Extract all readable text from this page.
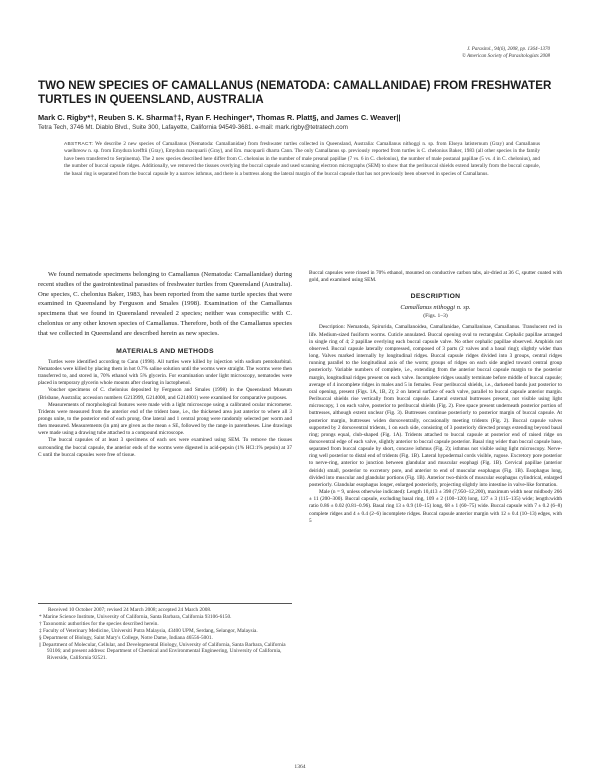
J. Parasitol., 94(6), 2008, pp. 1364–1370
© American Society of Parasitologists 2008
TWO NEW SPECIES OF CAMALLANUS (NEMATODA: CAMALLANIDAE) FROM FRESHWATER TURTLES IN QUEENSLAND, AUSTRALIA
Mark C. Rigby*†, Reuben S. K. Sharma†‡, Ryan F. Hechinger*, Thomas R. Platt§, and James C. Weaver||
Tetra Tech, 3746 Mt. Diablo Blvd., Suite 300, Lafayette, California 94549-3681. e-mail: mark.rigby@tetratech.com
ABSTRACT: We describe 2 new species of Camallanus (Nematoda: Camallanidae) from freshwater turtles collected in Queensland, Australia: Camallanus nithoggi n. sp. from Elseya latisternum (Gray) and Camallanus waelhreow n. sp. from Emydura krefftii (Gray), Emydura macquarii (Gray), and Em. macquarii dharra Cann. The only Camallanus sp. previously reported from turtles is C. chelonius Baker, 1983 (all other species in the family have been transferred to Serpinema). The 2 new species described here differ from C. chelonius in the number of male preanal papillae (7 vs. 6 in C. chelonius), the number of male postanal papillae (5 vs. 4 in C. chelonius), and the number of buccal capsule ridges. Additionally, we removed the tissues overlying the buccal capsule and used scanning electron micrographs (SEM) to show that the peribuccal shields extend laterally from the buccal capsule, the basal ring is separated from the buccal capsule by a narrow isthmus, and there is a buttress along the lateral margin of the buccal capsule that has not previously been observed in species of Camallanus.

We found nematode specimens belonging to Camallanus (Nematoda: Camallanidae) during recent studies of the gastrointestinal parasites of freshwater turtles from Queensland (Australia). One species, C. chelonius Baker, 1983, has been reported from the same turtle species that were examined in Queensland by Ferguson and Smales (1998). Examination of the Camallanus specimens that we found in Queensland revealed 2 species; neither was conspecific with C. chelonius or any other known species of Camallanus. Therefore, both of the Camallanus species that we collected in Queensland are described herein as new species.

MATERIALS AND METHODS

Turtles were identified according to Cann (1998). All turtles were killed by injection with sodium pentobarbital. Nematodes were killed by placing them in hot 0.7% saline solution until the worms were straight. The worms were then transferred to, and stored in, 70% ethanol with 5% glycerin. For examination under light microscopy, nematodes were placed in temporary glycerin whole mounts after clearing in lactophenol.

Voucher specimens of C. chelonius deposited by Ferguson and Smales (1998) in the Queensland Museum (Brisbane, Australia; accession numbers G213999, G214000, and G214001) were examined for comparative purposes.

Measurements of morphological features were made with a light microscope using a calibrated ocular micrometer. Tridents were measured from the anterior end of the trident base, i.e., the thickened area just anterior to where all 3 prongs unite, to the posterior end of each prong. One lateral and 1 central prong were randomly selected per worm and then measured. Measurements (in μm) are given as the mean ± SE, followed by the range in parentheses. Line drawings were made using a drawing tube attached to a compound microscope.

The buccal capsules of at least 3 specimens of each sex were examined using SEM. To remove the tissues surrounding the buccal capsule, the anterior ends of the worms were digested in acid-pepsin (1% HCl:1% pepsin) at 37 C until the buccal capsules were free of tissue.

Received 10 October 2007; revised 24 March 2008; accepted 24 March 2008.
* Marine Science Institute, University of California, Santa Barbara, California 93106-6150.
† Taxonomic authorities for the species described herein.
‡ Faculty of Veterinary Medicine, Universiti Putra Malaysia, 43400 UPM, Serdang, Selangor, Malaysia.
§ Department of Biology, Saint Mary's College, Notre Dame, Indiana 46556-5001.
|| Department of Molecular, Cellular, and Developmental Biology, University of California, Santa Barbara, California 93106; and present address: Department of Chemical and Environmental Engineering, University of California, Riverside, California 92521.

Buccal capsules were rinsed in 70% ethanol, mounted on conductive carbon tabs, air-dried at 36 C, sputter coated with gold, and examined using SEM.

DESCRIPTION
Camallanus nithoggi n. sp.
(Figs. 1–3)

Description: Nematoda, Spirurida, Camallanoidea, Camallanidae, Camallaninae, Camallanus. Translucent red in life. Medium-sized fusiform worms. Cuticle annulated. Buccal opening oval to rectangular. Cephalic papillae arranged in single ring of 4; 2 papillae overlying each buccal capsule valve. No other cephalic papillae observed. Amphids not observed. Buccal capsule laterally compressed, composed of 3 parts (2 valves and a basal ring); slightly wider than long. Valves marked internally by longitudinal ridges. Buccal capsule ridges divided into 3 groups, central ridges running parallel to the longitudinal axis of the worm; groups of ridges on each side angled toward central group posteriorly. Variable numbers of complete, i.e., extending from the anterior buccal capsule margin to the posterior margin, longitudinal ridges present on each valve. Incomplete ridges usually terminate before middle of buccal capsule; average of 4 incomplete ridges in males and 5 in females. Four peribuccal shields, i.e., darkened bands just posterior to oral opening, present (Figs. 1A, 1B, 2); 2 on lateral surface of each valve, parallel to buccal capsule anterior margin. Peribuccal shields rise vertically from buccal capsule. Lateral external buttresses present, not visible using light microscopy, 1 on each valve, posterior to peribuccal shields (Fig. 2). Free space present underneath posterior portion of buttresses, although extent unclear (Fig. 3). Buttresses continue posteriorly to posterior margin of buccal capsule. At posterior margin, buttresses widen dorsoventrally, occasionally meeting tridents (Fig. 2). Buccal capsule valves supported by 2 dorsoventral tridents, 1 on each side, consisting of 3 posteriorly directed prongs extending beyond basal ring; prongs equal, club-shaped (Fig. 1A). Tridents attached to buccal capsule at posterior end of raised ridge on dorsoventral edge of each valve, slightly anterior to buccal capsule posterior. Basal ring wider than buccal capsule base, separated from buccal capsule by short, concave isthmus (Fig. 2); isthmus not visible using light microscopy. Nerve-ring well posterior to distal end of tridents (Fig. 1B). Lateral hypodermal cords visible, rugose. Excretory pore posterior to nerve-ring, anterior to junction between glandular and muscular esophagi (Fig. 1B). Cervical papillae (anterior deirids) small, posterior to excretory pore, and anterior to end of muscular esophagus (Fig. 1B). Esophagus long, divided into muscular and glandular portions (Fig. 1B). Anterior two-thirds of muscular esophagus cylindrical, enlarged posteriorly. Glandular esophagus longer, enlarged posteriorly, projecting slightly into intestine in valve-like formation.

Male (n = 9, unless otherwise indicated): Length 10,413 ± 398 (7,950–12,200), maximum width near midbody 266 ± 11 (200–300). Buccal capsule, excluding basal ring, 109 ± 2 (100–120) long, 127 ± 3 (115–135) wide; length:width ratio 0.86 ± 0.02 (0.81–0.96). Basal ring 13 ± 0.9 (10–15) long, 68 ± 1 (60–75) wide. Buccal capsule with 7 ± 0.2 (6–8) complete ridges and 4 ± 0.4 (2–6) incomplete ridges. Buccal capsule anterior margin with 12 ± 0.4 (10–13) edges, with 5

1364
